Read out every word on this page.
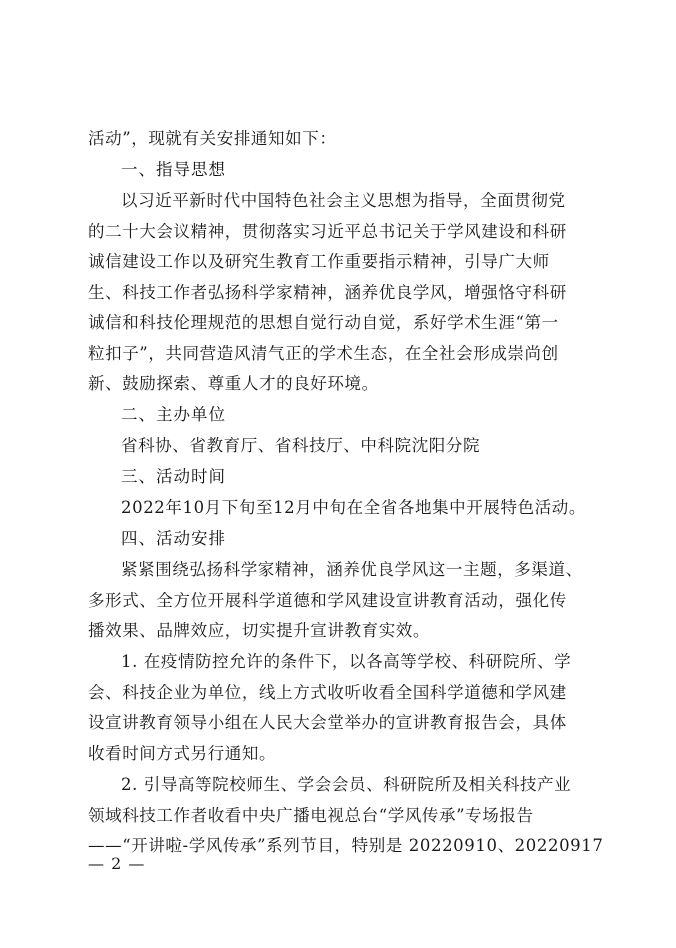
活动”，现就有关安排通知如下：
一、指导思想
以习近平新时代中国特色社会主义思想为指导，全面贯彻党
的二十大会议精神，贯彻落实习近平总书记关于学风建设和科研
诚信建设工作以及研究生教育工作重要指示精神，引导广大师
生、科技工作者弘扬科学家精神，涵养优良学风，增强恪守科研
诚信和科技伦理规范的思想自觉行动自觉，系好学术生涯“第一
粒扣子”，共同营造风清气正的学术生态，在全社会形成崇尚创
新、鼓励探索、尊重人才的良好环境。
二、主办单位
省科协、省教育厅、省科技厅、中科院沈阳分院
三、活动时间
2022年10月下旬至12月中旬在全省各地集中开展特色活动。
四、活动安排
紧紧围绕弘扬科学家精神，涵养优良学风这一主题，多渠道、
多形式、全方位开展科学道德和学风建设宣讲教育活动，强化传
播效果、品牌效应，切实提升宣讲教育实效。
1. 在疫情防控允许的条件下，以各高等学校、科研院所、学
会、科技企业为单位，线上方式收听收看全国科学道德和学风建
设宣讲教育领导小组在人民大会堂举办的宣讲教育报告会，具体
收看时间方式另行通知。
2. 引导高等院校师生、学会会员、科研院所及相关科技产业
领域科技工作者收看中央广播电视总台“学风传承”专场报告
——“开讲啦-学风传承”系列节目，特别是 20220910、20220917
— 2 —
